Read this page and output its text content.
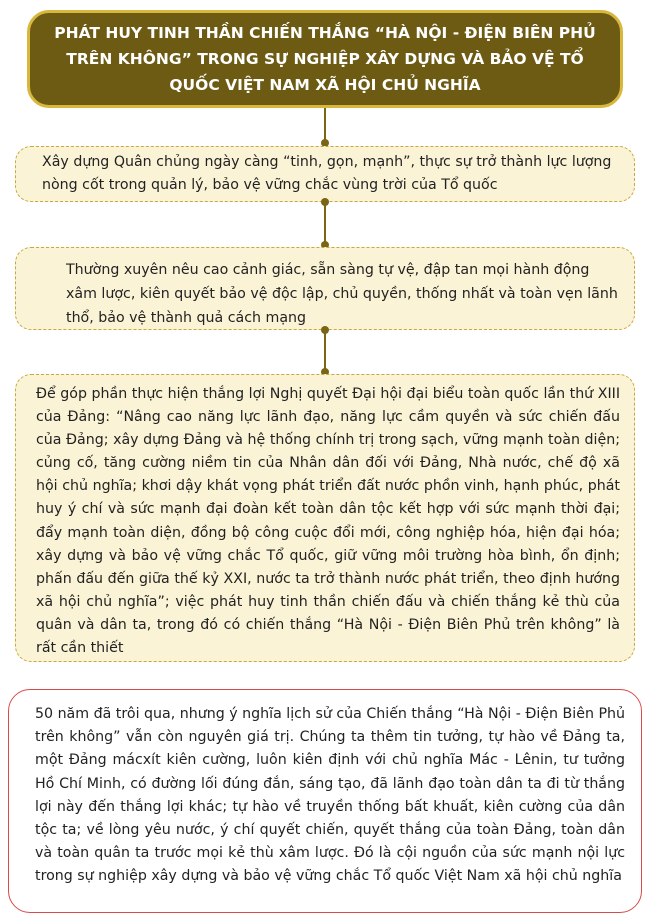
PHÁT HUY TINH THẦN CHIẾN THẮNG “HÀ NỘI - ĐIỆN BIÊN PHỦ TRÊN KHÔNG” TRONG SỰ NGHIỆP XÂY DỰNG VÀ BẢO VỆ TỔ QUỐC VIỆT NAM XÃ HỘI CHỦ NGHĨA

Xây dựng Quân chủng ngày càng “tinh, gọn, mạnh”, thực sự trở thành lực lượng nòng cốt trong quản lý, bảo vệ vững chắc vùng trời của Tổ quốc

Thường xuyên nêu cao cảnh giác, sẵn sàng tự vệ, đập tan mọi hành động xâm lược, kiên quyết bảo vệ độc lập, chủ quyền, thống nhất và toàn vẹn lãnh thổ, bảo vệ thành quả cách mạng

Để góp phần thực hiện thắng lợi Nghị quyết Đại hội đại biểu toàn quốc lần thứ XIII của Đảng: “Nâng cao năng lực lãnh đạo, năng lực cầm quyền và sức chiến đấu của Đảng; xây dựng Đảng và hệ thống chính trị trong sạch, vững mạnh toàn diện; củng cố, tăng cường niềm tin của Nhân dân đối với Đảng, Nhà nước, chế độ xã hội chủ nghĩa; khơi dậy khát vọng phát triển đất nước phồn vinh, hạnh phúc, phát huy ý chí và sức mạnh đại đoàn kết toàn dân tộc kết hợp với sức mạnh thời đại; đẩy mạnh toàn diện, đồng bộ công cuộc đổi mới, công nghiệp hóa, hiện đại hóa; xây dựng và bảo vệ vững chắc Tổ quốc, giữ vững môi trường hòa bình, ổn định; phấn đấu đến giữa thế kỷ XXI, nước ta trở thành nước phát triển, theo định hướng xã hội chủ nghĩa”; việc phát huy tinh thần chiến đấu và chiến thắng kẻ thù của quân và dân ta, trong đó có chiến thắng “Hà Nội - Điện Biên Phủ trên không” là rất cần thiết

50 năm đã trôi qua, nhưng ý nghĩa lịch sử của Chiến thắng “Hà Nội - Điện Biên Phủ trên không” vẫn còn nguyên giá trị. Chúng ta thêm tin tưởng, tự hào về Đảng ta, một Đảng mácxít kiên cường, luôn kiên định với chủ nghĩa Mác - Lênin, tư tưởng Hồ Chí Minh, có đường lối đúng đắn, sáng tạo, đã lãnh đạo toàn dân ta đi từ thắng lợi này đến thắng lợi khác; tự hào về truyền thống bất khuất, kiên cường của dân tộc ta; về lòng yêu nước, ý chí quyết chiến, quyết thắng của toàn Đảng, toàn dân và toàn quân ta trước mọi kẻ thù xâm lược. Đó là cội nguồn của sức mạnh nội lực trong sự nghiệp xây dựng và bảo vệ vững chắc Tổ quốc Việt Nam xã hội chủ nghĩa
